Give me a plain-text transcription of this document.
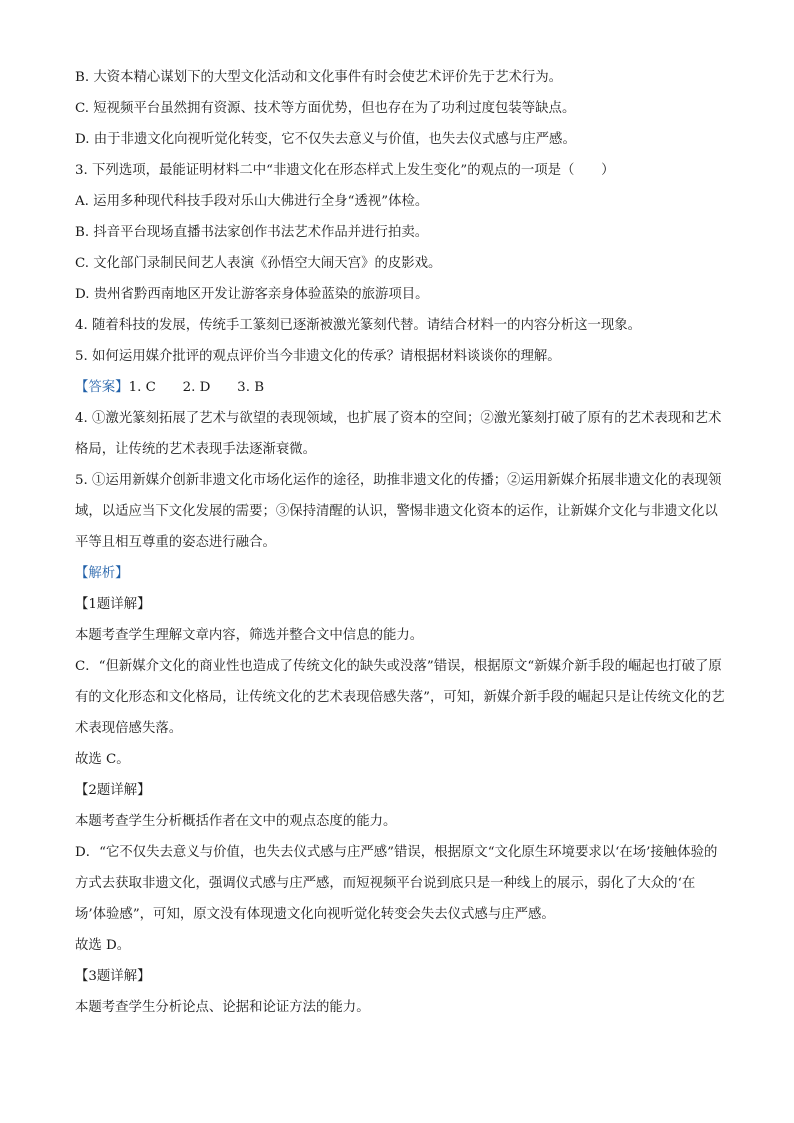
B. 大资本精心谋划下的大型文化活动和文化事件有时会使艺术评价先于艺术行为。
C. 短视频平台虽然拥有资源、技术等方面优势，但也存在为了功利过度包装等缺点。
D. 由于非遗文化向视听觉化转变，它不仅失去意义与价值，也失去仪式感与庄严感。
3. 下列选项，最能证明材料二中“非遗文化在形态样式上发生变化”的观点的一项是（　　）
A. 运用多种现代科技手段对乐山大佛进行全身“透视”体检。
B. 抖音平台现场直播书法家创作书法艺术作品并进行拍卖。
C. 文化部门录制民间艺人表演《孙悟空大闹天宫》的皮影戏。
D. 贵州省黔西南地区开发让游客亲身体验蓝染的旅游项目。
4. 随着科技的发展，传统手工篆刻已逐渐被激光篆刻代替。请结合材料一的内容分析这一现象。
5. 如何运用媒介批评的观点评价当今非遗文化的传承？请根据材料谈谈你的理解。
【答案】1. C　　2. D　　3. B
4. ①激光篆刻拓展了艺术与欲望的表现领域，也扩展了资本的空间；②激光篆刻打破了原有的艺术表现和艺术格局，让传统的艺术表现手法逐渐衰微。
5. ①运用新媒介创新非遗文化市场化运作的途径，助推非遗文化的传播；②运用新媒介拓展非遗文化的表现领域，以适应当下文化发展的需要；③保持清醒的认识，警惕非遗文化资本的运作，让新媒介文化与非遗文化以平等且相互尊重的姿态进行融合。
【解析】
【1题详解】
本题考查学生理解文章内容，筛选并整合文中信息的能力。
C．“但新媒介文化的商业性也造成了传统文化的缺失或没落”错误，根据原文“新媒介新手段的崛起也打破了原有的文化形态和文化格局，让传统文化的艺术表现倍感失落”，可知，新媒介新手段的崛起只是让传统文化的艺术表现倍感失落。
故选 C。
【2题详解】
本题考查学生分析概括作者在文中的观点态度的能力。
D．“它不仅失去意义与价值，也失去仪式感与庄严感”错误，根据原文“文化原生环境要求以‘在场’接触体验的方式去获取非遗文化，强调仪式感与庄严感，而短视频平台说到底只是一种线上的展示，弱化了大众的‘在场’体验感”，可知，原文没有体现遗文化向视听觉化转变会失去仪式感与庄严感。
故选 D。
【3题详解】
本题考查学生分析论点、论据和论证方法的能力。
